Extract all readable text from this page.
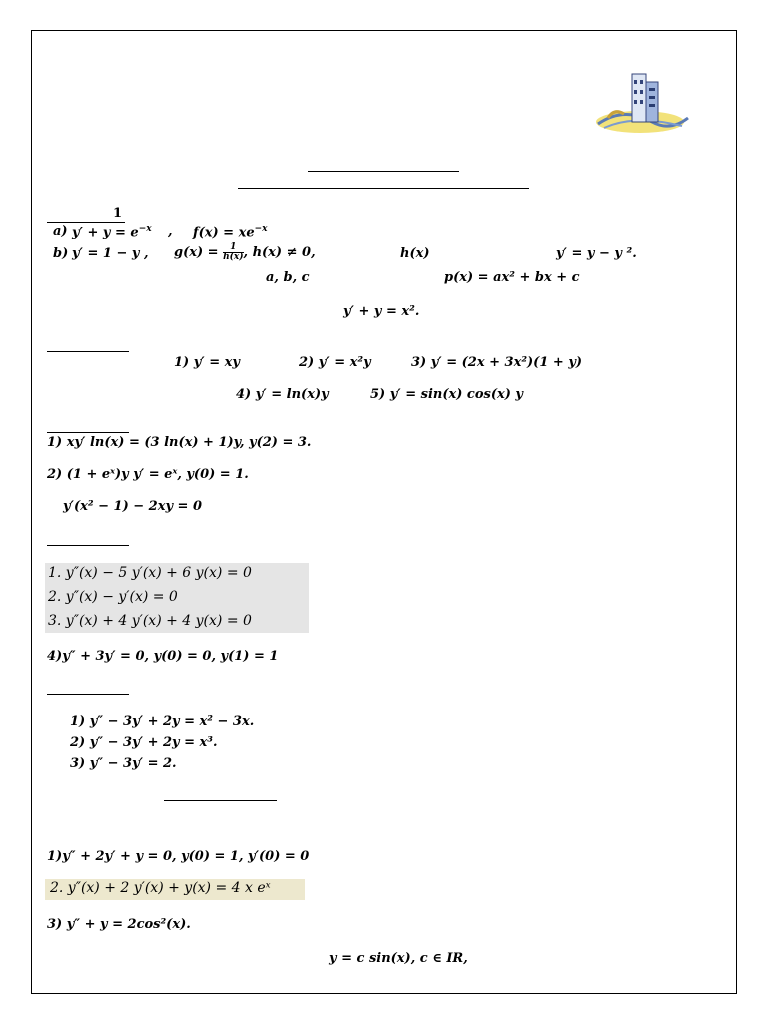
1
a) $y' + y = e^{-x}$ , $f(x) = xe^{-x}$
b) y′ = 1 − y , $g(x) = \frac{1}{h(x)}$, h(x) ≠ 0,	h(x)	y′ = y − y ².
a, b, c	p(x) = ax² + bx + c
y′ + y = x².
1) y′ = xy	2) y′ = x²y	3) y′ = (2x + 3x²)(1 + y)
4) y′ = ln(x)y	5) y′ = sin(x) cos(x) y
1) xy′ ln(x) = (3 ln(x) + 1)y, y(2) = 3.
2) (1 + eˣ)y y′ = eˣ, y(0) = 1.
y′(x² − 1) − 2xy = 0
1. y″(x) − 5 y′(x) + 6 y(x) = 0
2. y″(x) − y′(x) = 0
3. y″(x) + 4 y′(x) + 4 y(x) = 0
4)y″ + 3y′ = 0, y(0) = 0, y(1) = 1
1) y″ − 3y′ + 2y = x² − 3x.
2) y″ − 3y′ + 2y = x³.
3) y″ − 3y′ = 2.
1)y″ + 2y′ + y = 0, y(0) = 1, y′(0) = 0
2. y″(x) + 2 y′(x) + y(x) = 4 x eˣ
3) y″ + y = 2cos²(x).
y = c sin(x), c ∈ IR,
